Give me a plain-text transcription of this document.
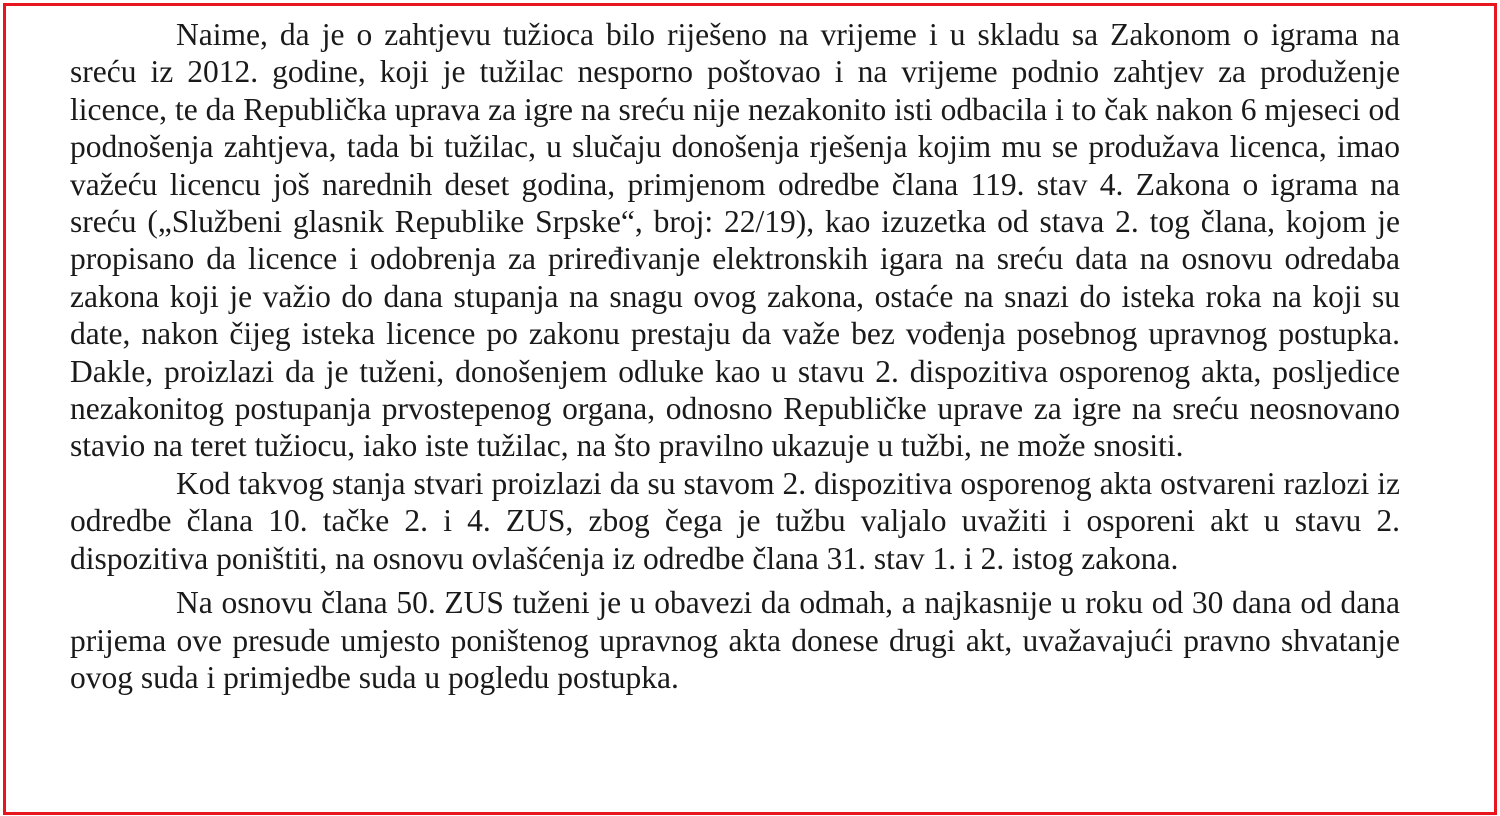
Naime, da je o zahtjevu tužioca bilo riješeno na vrijeme i u skladu sa Zakonom o igrama na sreću iz 2012. godine, koji je tužilac nesporno poštovao i na vrijeme podnio zahtjev za produženje licence, te da Republička uprava za igre na sreću nije nezakonito isti odbacila i to čak nakon 6 mjeseci od podnošenja zahtjeva, tada bi tužilac, u slučaju donošenja rješenja kojim mu se produžava licenca, imao važeću licencu još narednih deset godina, primjenom odredbe člana 119. stav 4. Zakona o igrama na sreću („Službeni glasnik Republike Srpske“, broj: 22/19), kao izuzetka od stava 2. tog člana, kojom je propisano da licence i odobrenja za priređivanje elektronskih igara na sreću data na osnovu odredaba zakona koji je važio do dana stupanja na snagu ovog zakona, ostaće na snazi do isteka roka na koji su date, nakon čijeg isteka licence po zakonu prestaju da važe bez vođenja posebnog upravnog postupka. Dakle, proizlazi da je tuženi, donošenjem odluke kao u stavu 2. dispozitiva osporenog akta, posljedice nezakonitog postupanja prvostepenog organa, odnosno Republičke uprave za igre na sreću neosnovano stavio na teret tužiocu, iako iste tužilac, na što pravilno ukazuje u tužbi, ne može snositi.

Kod takvog stanja stvari proizlazi da su stavom 2. dispozitiva osporenog akta ostvareni razlozi iz odredbe člana 10. tačke 2. i 4. ZUS, zbog čega je tužbu valjalo uvažiti i osporeni akt u stavu 2. dispozitiva poništiti, na osnovu ovlašćenja iz odredbe člana 31. stav 1. i 2. istog zakona.

Na osnovu člana 50. ZUS tuženi je u obavezi da odmah, a najkasnije u roku od 30 dana od dana prijema ove presude umjesto poništenog upravnog akta donese drugi akt, uvažavajući pravno shvatanje ovog suda i primjedbe suda u pogledu postupka.
